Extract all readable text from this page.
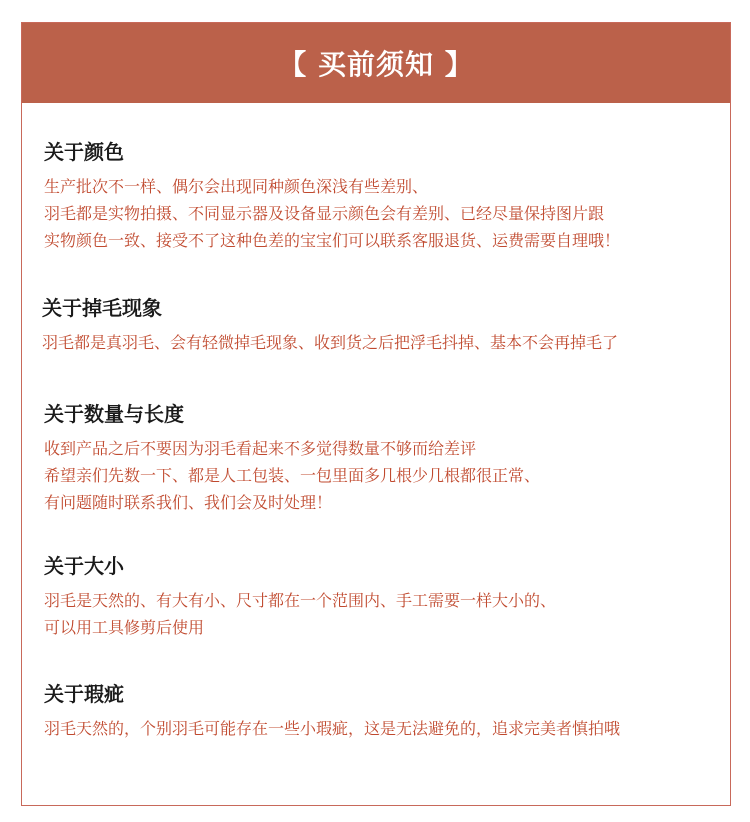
【 买前须知 】
关于颜色
生产批次不一样、偶尔会出现同种颜色深浅有些差别、
羽毛都是实物拍摄、不同显示器及设备显示颜色会有差别、已经尽量保持图片跟
实物颜色一致、接受不了这种色差的宝宝们可以联系客服退货、运费需要自理哦！
关于掉毛现象
羽毛都是真羽毛、会有轻微掉毛现象、收到货之后把浮毛抖掉、基本不会再掉毛了
关于数量与长度
收到产品之后不要因为羽毛看起来不多觉得数量不够而给差评
希望亲们先数一下、都是人工包装、一包里面多几根少几根都很正常、
有问题随时联系我们、我们会及时处理！
关于大小
羽毛是天然的、有大有小、尺寸都在一个范围内、手工需要一样大小的、
可以用工具修剪后使用
关于瑕疵
羽毛天然的，个别羽毛可能存在一些小瑕疵，这是无法避免的，追求完美者慎拍哦
